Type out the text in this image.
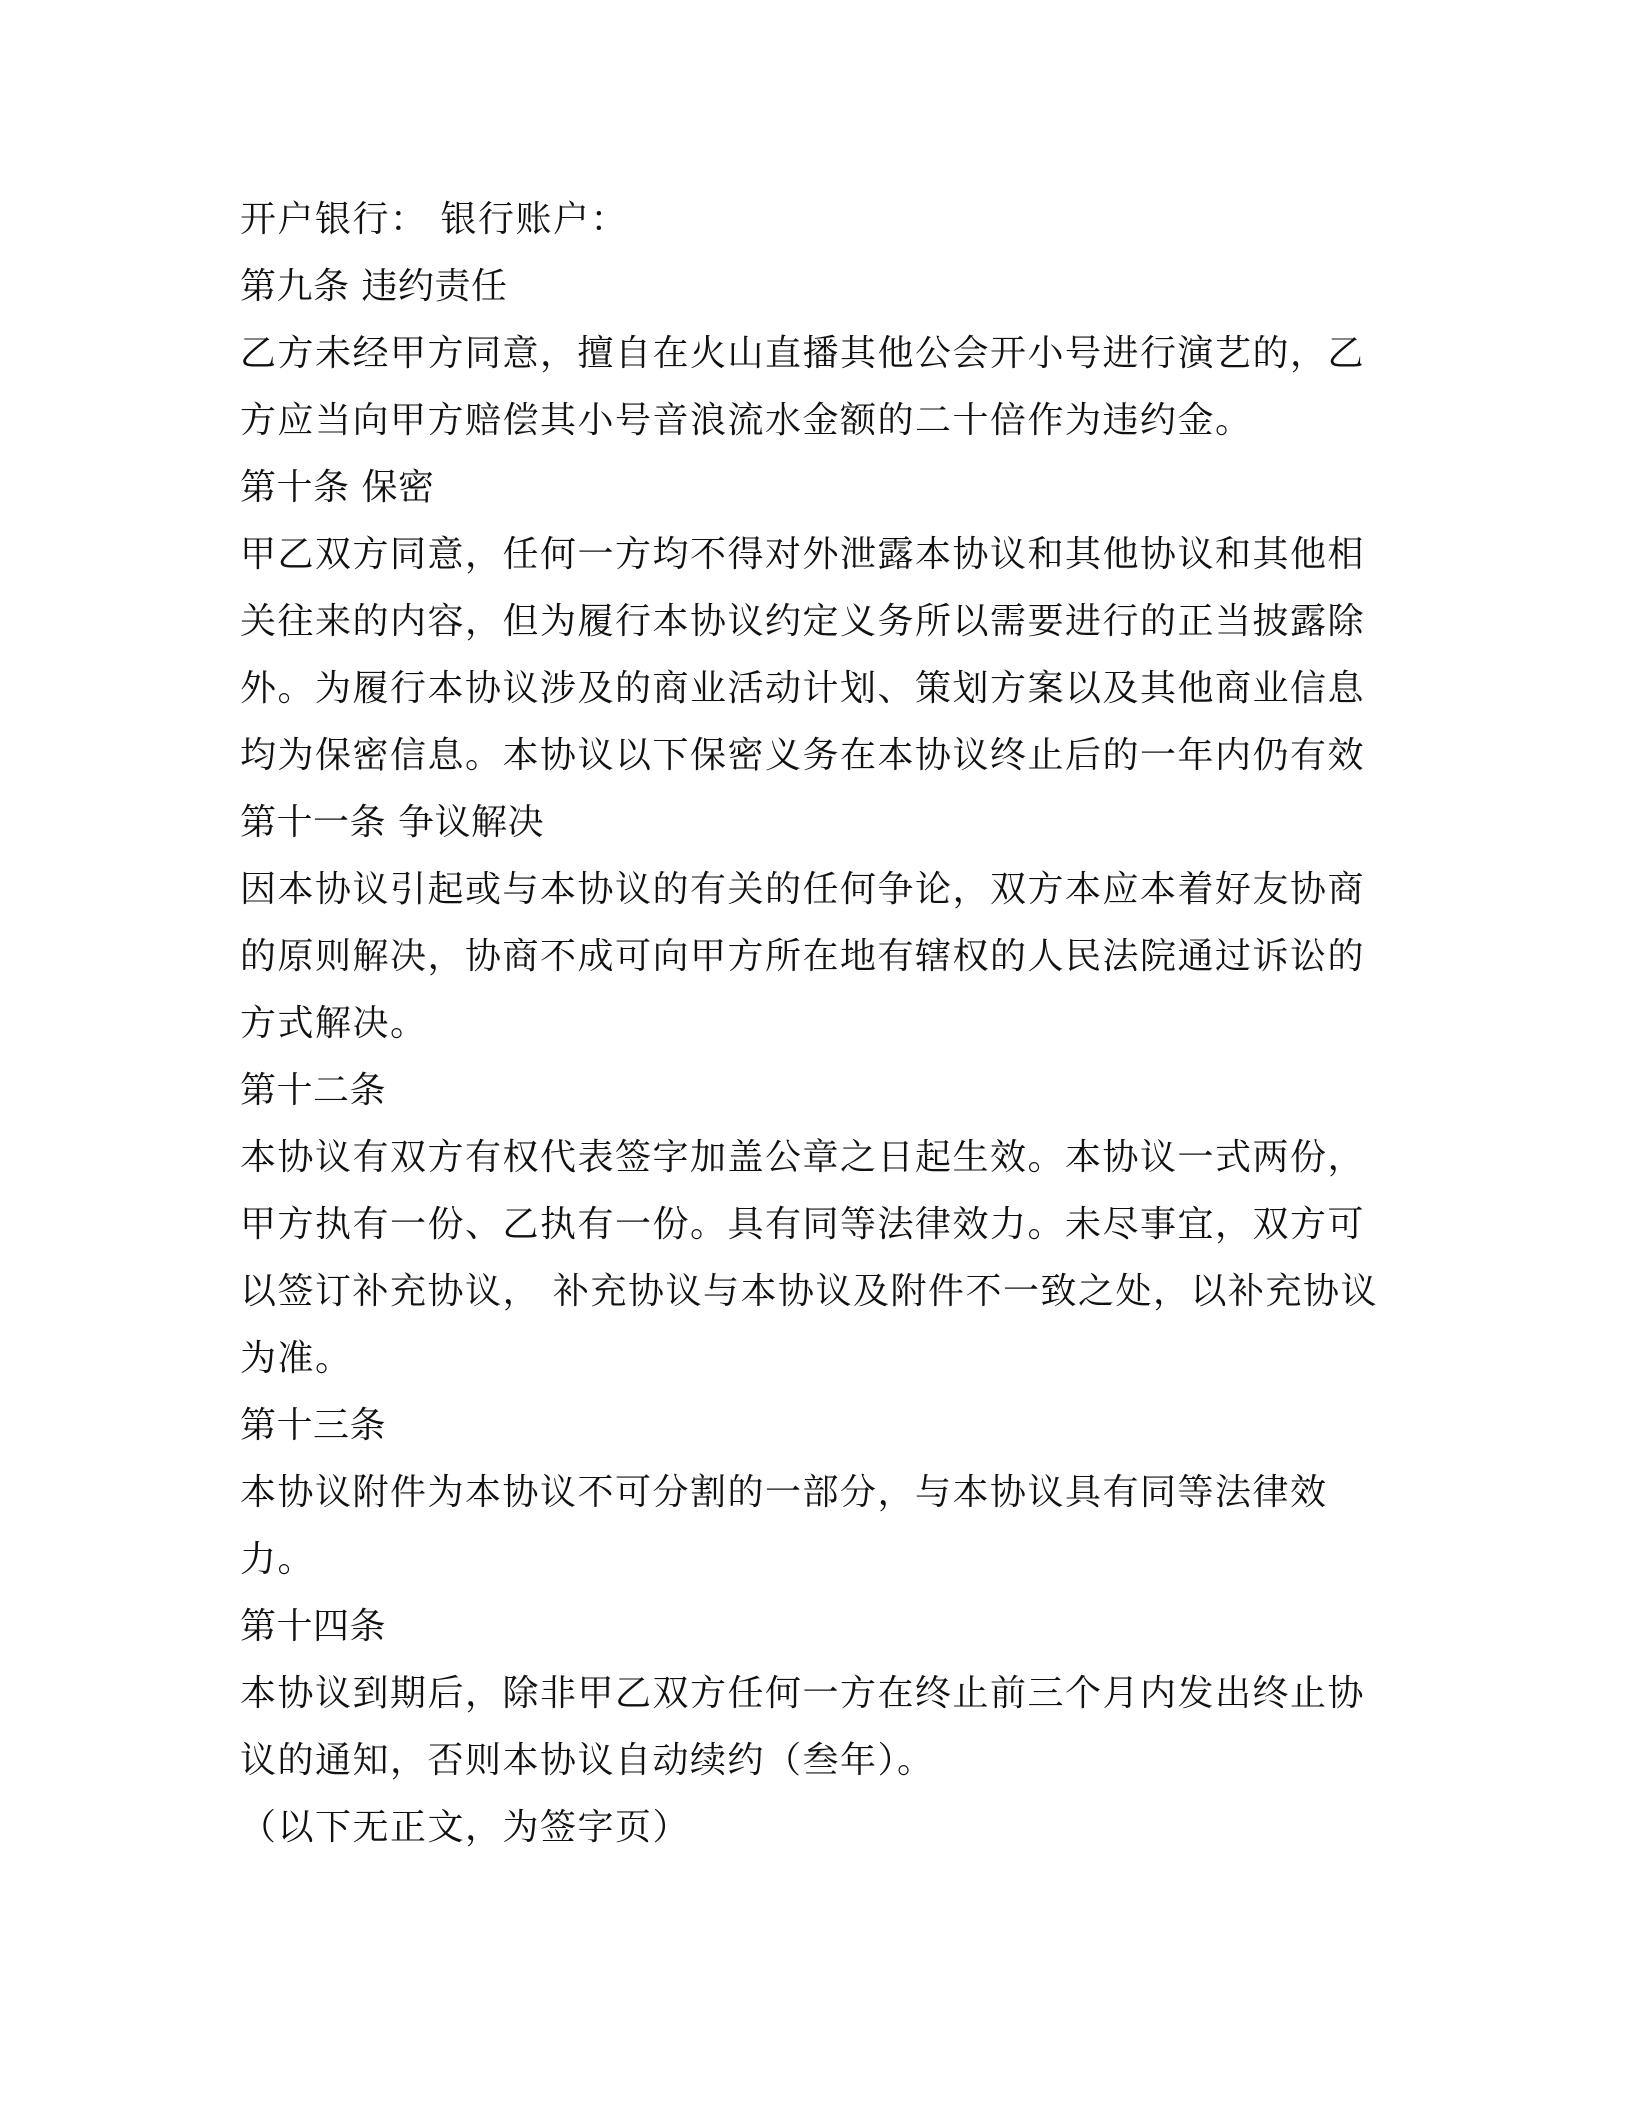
开户银行： 银行账户：
第九条 违约责任
乙方未经甲方同意，擅自在火山直播其他公会开小号进行演艺的，乙
方应当向甲方赔偿其小号音浪流水金额的二十倍作为违约金。
第十条 保密
甲乙双方同意，任何一方均不得对外泄露本协议和其他协议和其他相
关往来的内容，但为履行本协议约定义务所以需要进行的正当披露除
外。为履行本协议涉及的商业活动计划、策划方案以及其他商业信息
均为保密信息。本协议以下保密义务在本协议终止后的一年内仍有效
第十一条 争议解决
因本协议引起或与本协议的有关的任何争论，双方本应本着好友协商
的原则解决，协商不成可向甲方所在地有辖权的人民法院通过诉讼的
方式解决。
第十二条
本协议有双方有权代表签字加盖公章之日起生效。本协议一式两份，
甲方执有一份、乙执有一份。具有同等法律效力。未尽事宜，双方可
以签订补充协议， 补充协议与本协议及附件不一致之处，以补充协议
为准。
第十三条
本协议附件为本协议不可分割的一部分，与本协议具有同等法律效
力。
第十四条
本协议到期后，除非甲乙双方任何一方在终止前三个月内发出终止协
议的通知，否则本协议自动续约（叁年）。
（以下无正文，为签字页）
